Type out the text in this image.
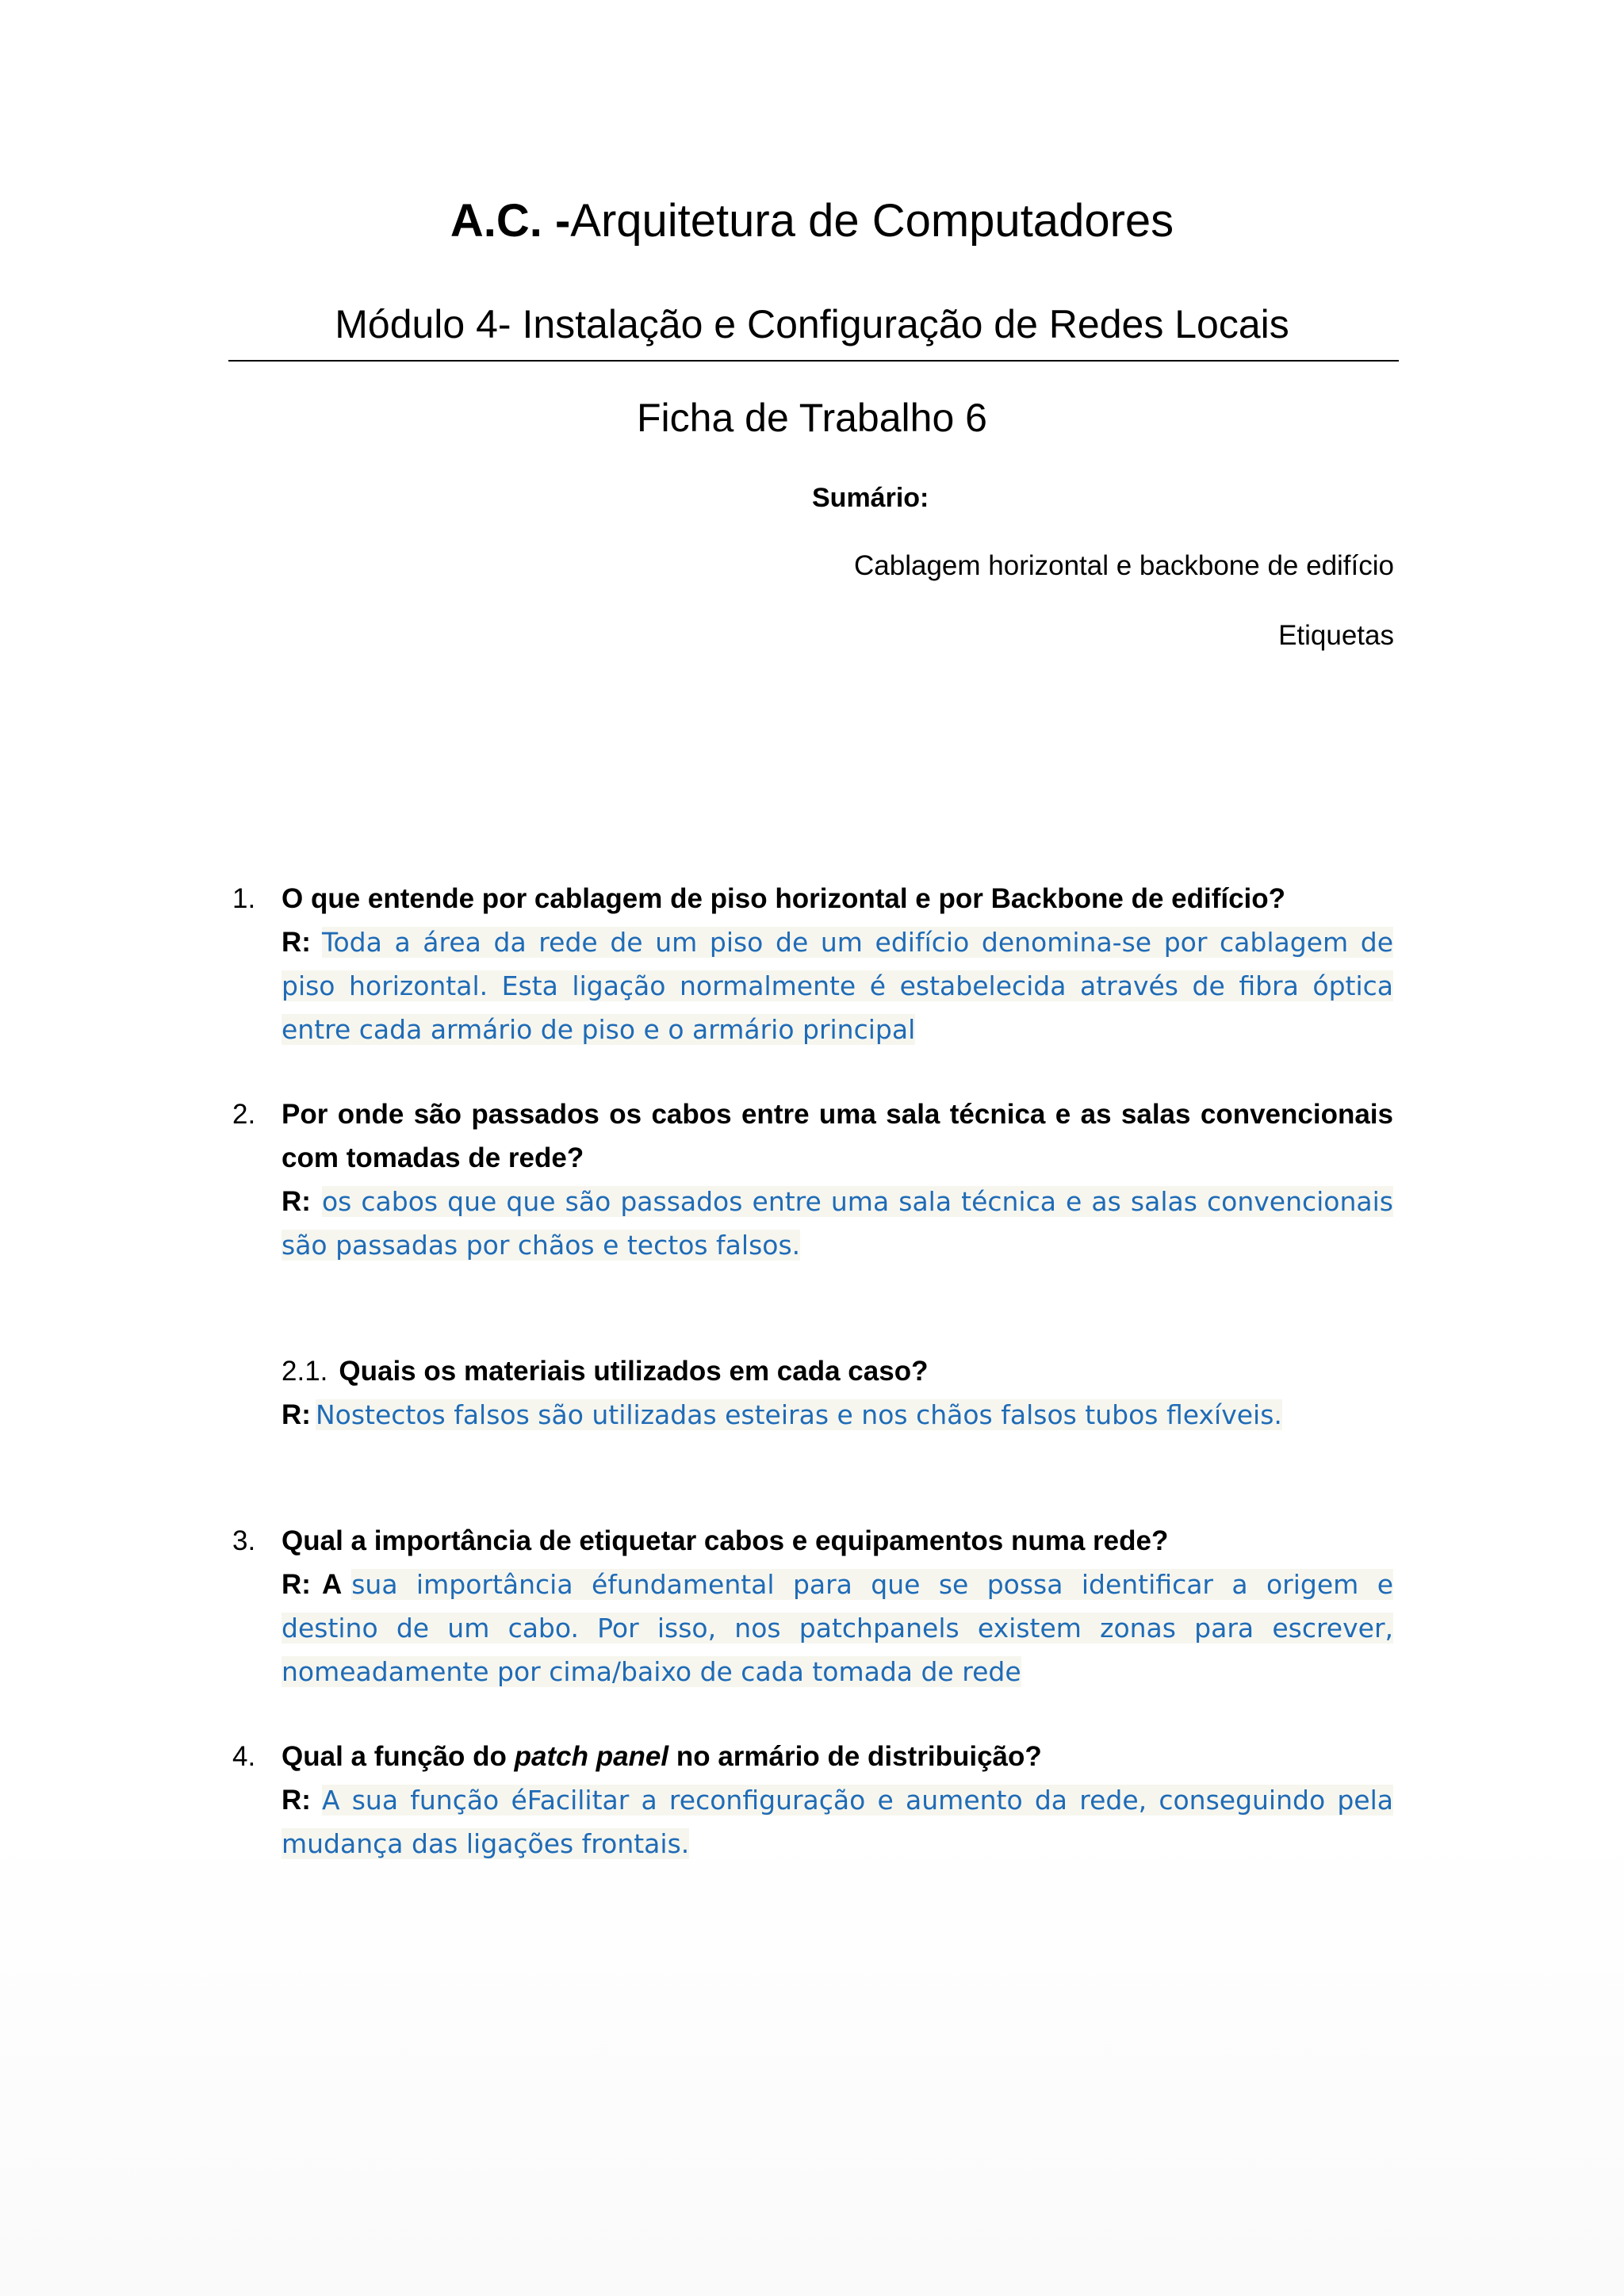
A.C. -Arquitetura de Computadores
Módulo 4- Instalação e Configuração de Redes Locais
Ficha de Trabalho 6
Sumário:
Cablagem horizontal e backbone de edifício
Etiquetas
1. O que entende por cablagem de piso horizontal e por Backbone de edifício?
R: Toda a área da rede de um piso de um edifício denomina-se por cablagem de piso horizontal. Esta ligação normalmente é estabelecida através de fibra óptica entre cada armário de piso e o armário principal
2. Por onde são passados os cabos entre uma sala técnica e as salas convencionais com tomadas de rede?
R: os cabos que que são passados entre uma sala técnica e as salas convencionais são passadas por chãos e tectos falsos.
2.1. Quais os materiais utilizados em cada caso?
R: Nostectos falsos são utilizadas esteiras e nos chãos falsos tubos flexíveis.
3. Qual a importância de etiquetar cabos e equipamentos numa rede?
R: A sua importância éfundamental para que se possa identificar a origem e destino de um cabo. Por isso, nos patchpanels existem zonas para escrever, nomeadamente por cima/baixo de cada tomada de rede
4. Qual a função do patch panel no armário de distribuição?
R: A sua função éFacilitar a reconfiguração e aumento da rede, conseguindo pela mudança das ligações frontais.
